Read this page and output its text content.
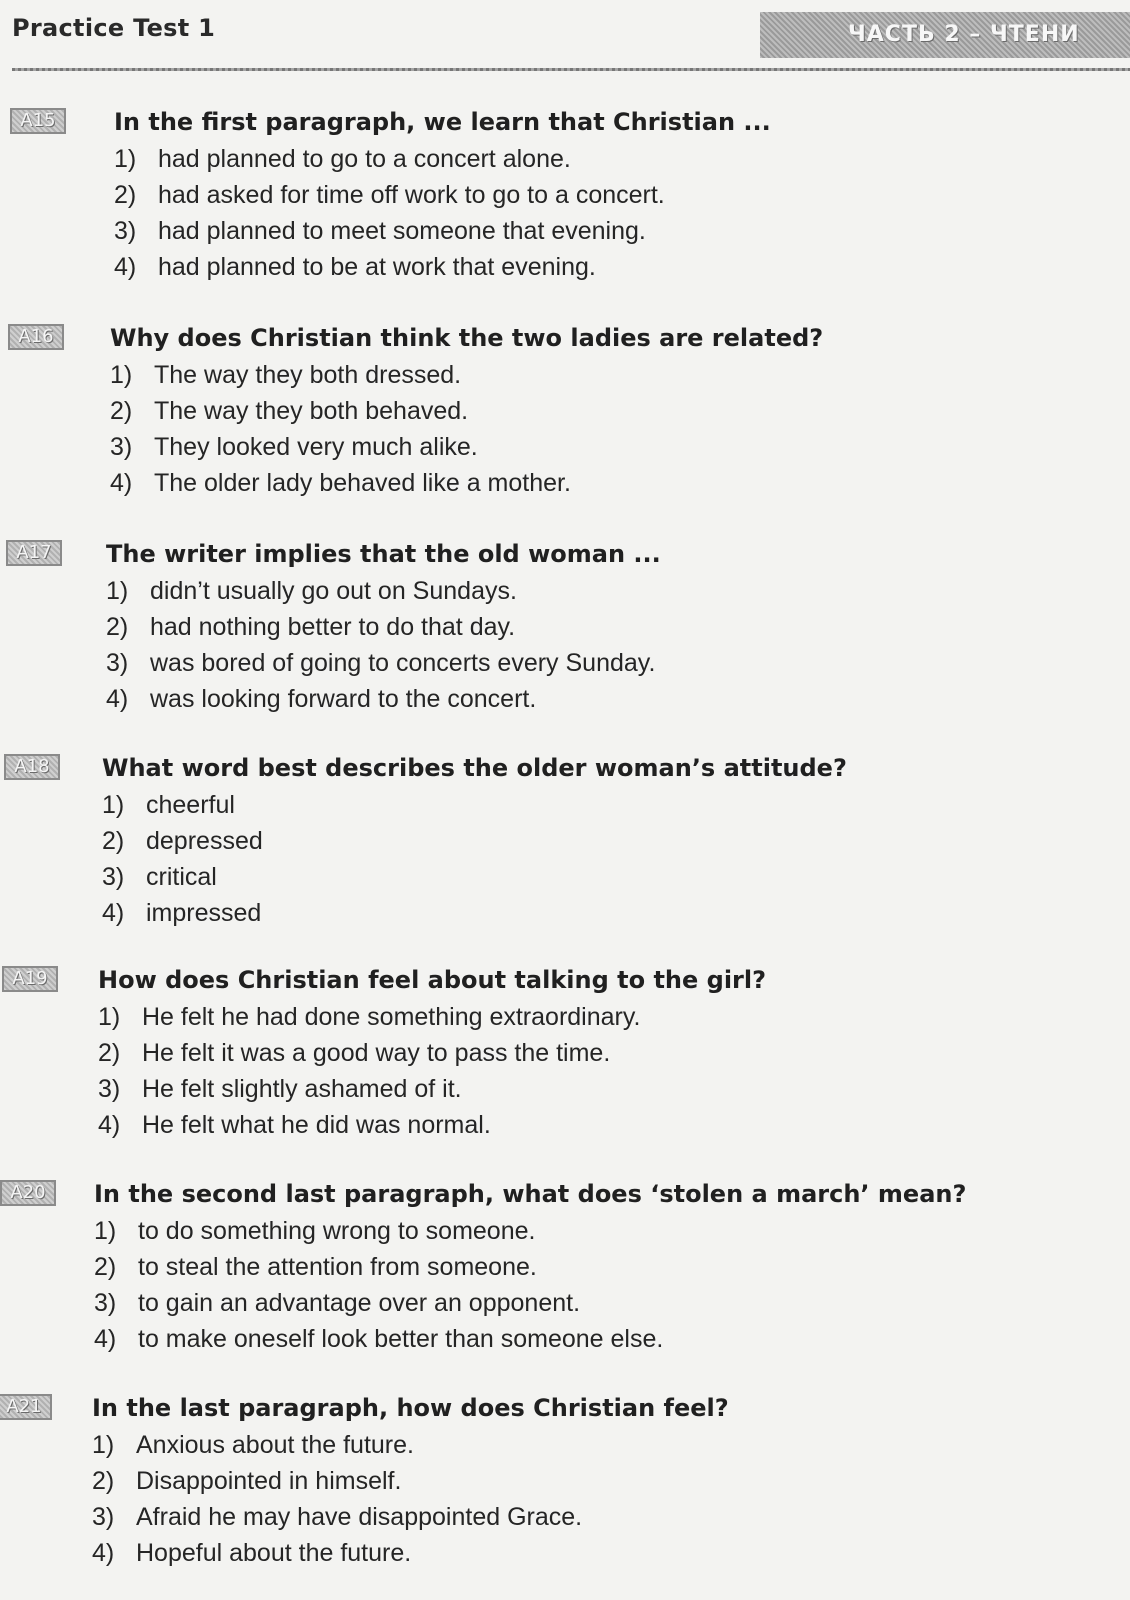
Practice Test 1	ЧАСТЬ 2 – ЧТЕНИ
A15	In the first paragraph, we learn that Christian ...
1) had planned to go to a concert alone.
2) had asked for time off work to go to a concert.
3) had planned to meet someone that evening.
4) had planned to be at work that evening.
A16	Why does Christian think the two ladies are related?
1) The way they both dressed.
2) The way they both behaved.
3) They looked very much alike.
4) The older lady behaved like a mother.
A17	The writer implies that the old woman ...
1) didn’t usually go out on Sundays.
2) had nothing better to do that day.
3) was bored of going to concerts every Sunday.
4) was looking forward to the concert.
A18	What word best describes the older woman’s attitude?
1) cheerful
2) depressed
3) critical
4) impressed
A19	How does Christian feel about talking to the girl?
1) He felt he had done something extraordinary.
2) He felt it was a good way to pass the time.
3) He felt slightly ashamed of it.
4) He felt what he did was normal.
A20	In the second last paragraph, what does ‘stolen a march’ mean?
1) to do something wrong to someone.
2) to steal the attention from someone.
3) to gain an advantage over an opponent.
4) to make oneself look better than someone else.
A21	In the last paragraph, how does Christian feel?
1) Anxious about the future.
2) Disappointed in himself.
3) Afraid he may have disappointed Grace.
4) Hopeful about the future.
